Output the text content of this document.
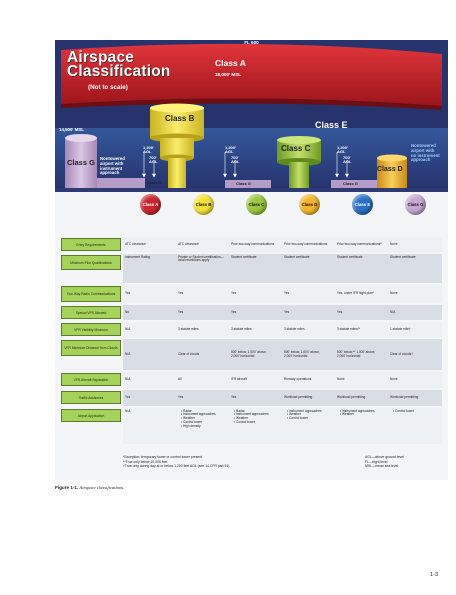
FL 600
Airspace
Classification
(Not to scale)
Class A
18,000' MSL
Class B
Class E
Class C
Class D
Class G
14,500' MSL
1,200'
AGL
700'
AGL
1,200'
AGL
700'
AGL
1,200'
AGL
700'
AGL
Nontowered
airport with
instrument
approach
Nontowered
airport with
no instrument
approach
Class G	Class G	Class G
Class A	Class B	Class C	Class D	Class E	Class G
Entry Requirements	ATC clearance	ATC clearance	Prior two-way communications	Prior two-way communications	Prior two-way communications*	None
Minimum Pilot Qualifications
Instrument Rating	Private or Student certification—local restrictions apply
Student certificate	Student certificate	Student certificate	Student certificate
Two-Way Radio Communications	Yes	Yes	Yes	Yes	Yes, under IFR flight plan*	None
Special VFR Allowed	No	Yes	Yes	Yes	Yes	N/A
VFR Visibility Minimum	N/A	3 statute miles	3 statute miles	3 statute miles	3 statute miles**	1 statute mile†
VFR Minimum Distance from Clouds
N/A	Clear of clouds	500' below, 1,000' above, 2,000' horizontal
500' below, 1,000' above, 2,000' horizontal
500' below,** 1,000' above, 2,000' horizontal	Clear of clouds†
VFR Aircraft Separation	N/A	All	IFR aircraft	Runway operations	None	None
Traffic Advisories	Yes	Yes	Yes	Workload permitting	Workload permitting	Workload permitting
Airport Application
N/A
•	Radar
• Instrument approaches
• Weather
• Control tower
• High density
• Radar
• Instrument approaches
• Weather
• Control tower
• Instrument approaches
• Weather
• Control tower
• Instrument approaches
• Weather
• Control tower
*Exception: temporary tower or control tower present
**True only below 10,000 feet
†True only during day at or below 1,200 feet AGL (see 14 CFR part 91)
AGL—above ground level
FL—flight level
MSL—mean sea level
Figure 1-1. Airspace classifications.
1-3
